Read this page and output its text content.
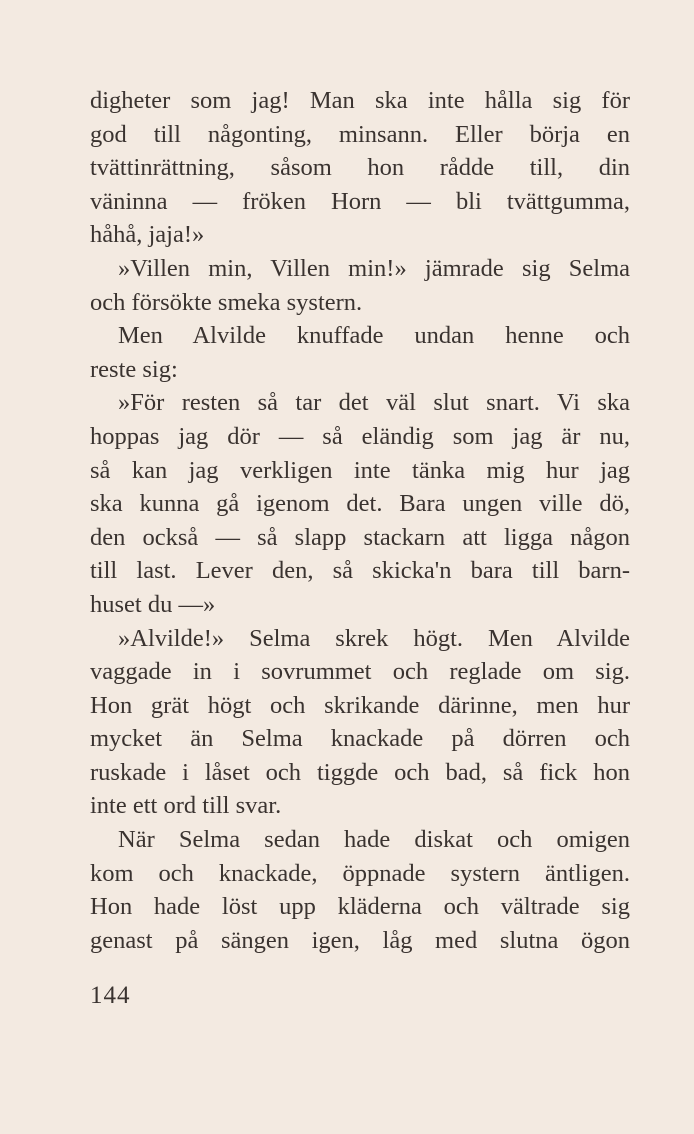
digheter som jag! Man ska inte hålla sig för
god till någonting, minsann. Eller börja en
tvättinrättning, såsom hon rådde till, din
väninna — fröken Horn — bli tvättgumma,
håhå, jaja!»
»Villen min, Villen min!» jämrade sig Selma
och försökte smeka systern.
Men Alvilde knuffade undan henne och
reste sig:
»För resten så tar det väl slut snart. Vi ska
hoppas jag dör — så eländig som jag är nu,
så kan jag verkligen inte tänka mig hur jag
ska kunna gå igenom det. Bara ungen ville dö,
den också — så slapp stackarn att ligga någon
till last. Lever den, så skicka'n bara till barn-
huset du —»
»Alvilde!» Selma skrek högt. Men Alvilde
vaggade in i sovrummet och reglade om sig.
Hon grät högt och skrikande därinne, men hur
mycket än Selma knackade på dörren och
ruskade i låset och tiggde och bad, så fick hon
inte ett ord till svar.
När Selma sedan hade diskat och omigen
kom och knackade, öppnade systern äntligen.
Hon hade löst upp kläderna och vältrade sig
genast på sängen igen, låg med slutna ögon
144
